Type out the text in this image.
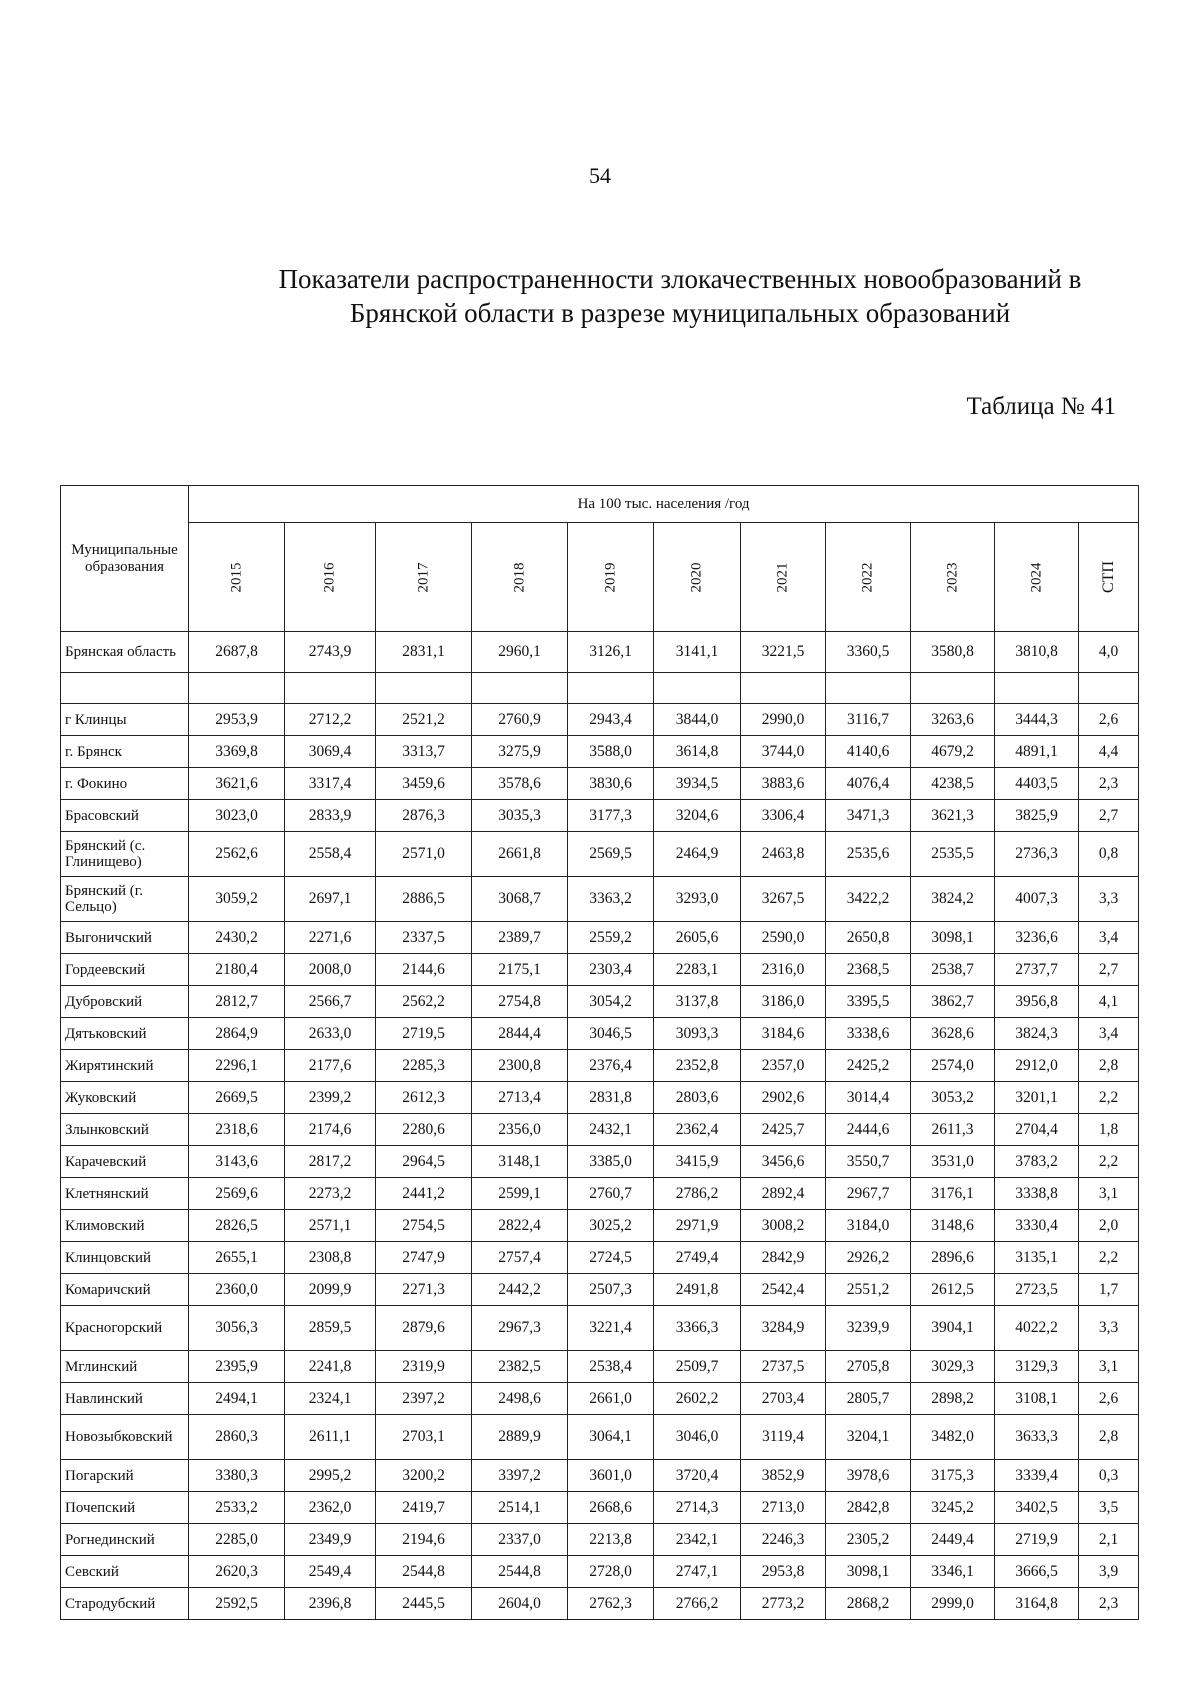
54
Показатели распространенности злокачественных новообразований в
Брянской области в разрезе муниципальных образований
Таблица № 41
Муниципальные образования	На 100 тыс. населения /год										
	2015	2016	2017	2018	2019	2020	2021	2022	2023	2024	СТП
Брянская область	2687,8	2743,9	2831,1	2960,1	3126,1	3141,1	3221,5	3360,5	3580,8	3810,8	4,0

г Клинцы	2953,9	2712,2	2521,2	2760,9	2943,4	3844,0	2990,0	3116,7	3263,6	3444,3	2,6
г. Брянск	3369,8	3069,4	3313,7	3275,9	3588,0	3614,8	3744,0	4140,6	4679,2	4891,1	4,4
г. Фокино	3621,6	3317,4	3459,6	3578,6	3830,6	3934,5	3883,6	4076,4	4238,5	4403,5	2,3
Брасовский	3023,0	2833,9	2876,3	3035,3	3177,3	3204,6	3306,4	3471,3	3621,3	3825,9	2,7
Брянский (с. Глинищево)	2562,6	2558,4	2571,0	2661,8	2569,5	2464,9	2463,8	2535,6	2535,5	2736,3	0,8
Брянский (г. Сельцо)	3059,2	2697,1	2886,5	3068,7	3363,2	3293,0	3267,5	3422,2	3824,2	4007,3	3,3
Выгоничский	2430,2	2271,6	2337,5	2389,7	2559,2	2605,6	2590,0	2650,8	3098,1	3236,6	3,4
Гордеевский	2180,4	2008,0	2144,6	2175,1	2303,4	2283,1	2316,0	2368,5	2538,7	2737,7	2,7
Дубровский	2812,7	2566,7	2562,2	2754,8	3054,2	3137,8	3186,0	3395,5	3862,7	3956,8	4,1
Дятьковский	2864,9	2633,0	2719,5	2844,4	3046,5	3093,3	3184,6	3338,6	3628,6	3824,3	3,4
Жирятинский	2296,1	2177,6	2285,3	2300,8	2376,4	2352,8	2357,0	2425,2	2574,0	2912,0	2,8
Жуковский	2669,5	2399,2	2612,3	2713,4	2831,8	2803,6	2902,6	3014,4	3053,2	3201,1	2,2
Злынковский	2318,6	2174,6	2280,6	2356,0	2432,1	2362,4	2425,7	2444,6	2611,3	2704,4	1,8
Карачевский	3143,6	2817,2	2964,5	3148,1	3385,0	3415,9	3456,6	3550,7	3531,0	3783,2	2,2
Клетнянский	2569,6	2273,2	2441,2	2599,1	2760,7	2786,2	2892,4	2967,7	3176,1	3338,8	3,1
Климовский	2826,5	2571,1	2754,5	2822,4	3025,2	2971,9	3008,2	3184,0	3148,6	3330,4	2,0
Клинцовский	2655,1	2308,8	2747,9	2757,4	2724,5	2749,4	2842,9	2926,2	2896,6	3135,1	2,2
Комаричский	2360,0	2099,9	2271,3	2442,2	2507,3	2491,8	2542,4	2551,2	2612,5	2723,5	1,7
Красногорский	3056,3	2859,5	2879,6	2967,3	3221,4	3366,3	3284,9	3239,9	3904,1	4022,2	3,3
Мглинский	2395,9	2241,8	2319,9	2382,5	2538,4	2509,7	2737,5	2705,8	3029,3	3129,3	3,1
Навлинский	2494,1	2324,1	2397,2	2498,6	2661,0	2602,2	2703,4	2805,7	2898,2	3108,1	2,6
Новозыбковский	2860,3	2611,1	2703,1	2889,9	3064,1	3046,0	3119,4	3204,1	3482,0	3633,3	2,8
Погарский	3380,3	2995,2	3200,2	3397,2	3601,0	3720,4	3852,9	3978,6	3175,3	3339,4	0,3
Почепский	2533,2	2362,0	2419,7	2514,1	2668,6	2714,3	2713,0	2842,8	3245,2	3402,5	3,5
Рогнединский	2285,0	2349,9	2194,6	2337,0	2213,8	2342,1	2246,3	2305,2	2449,4	2719,9	2,1
Севский	2620,3	2549,4	2544,8	2544,8	2728,0	2747,1	2953,8	3098,1	3346,1	3666,5	3,9
Стародубский	2592,5	2396,8	2445,5	2604,0	2762,3	2766,2	2773,2	2868,2	2999,0	3164,8	2,3
